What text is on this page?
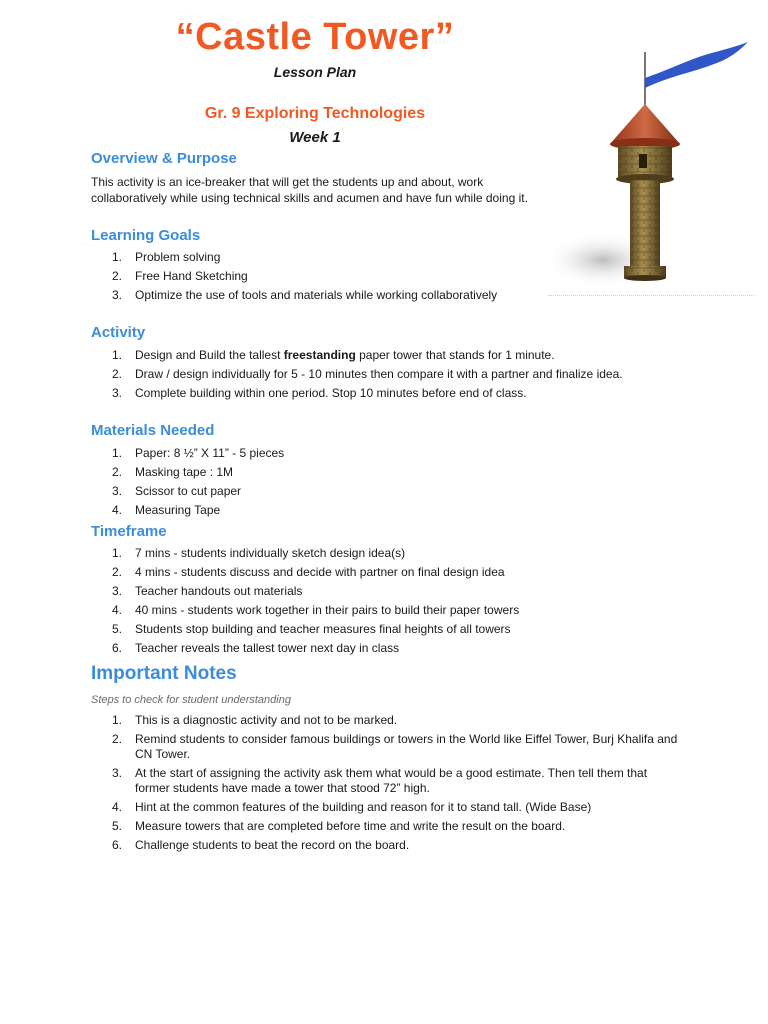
“Castle Tower”
Lesson Plan
Gr. 9 Exploring Technologies
Week 1
Overview & Purpose
This activity is an ice-breaker that will get the students up and about, work collaboratively while using technical skills and acumen and have fun while doing it.
Learning Goals
1. Problem solving
2. Free Hand Sketching
3. Optimize the use of tools and materials while working collaboratively
Activity
1. Design and Build the tallest freestanding paper tower that stands for 1 minute.
2. Draw / design individually for 5 - 10 minutes then compare it with a partner and finalize idea.
3. Complete building within one period. Stop 10 minutes before end of class.
Materials Needed
1. Paper: 8 ½” X 11” - 5 pieces
2. Masking tape : 1M
3. Scissor to cut paper
4. Measuring Tape
Timeframe
1. 7 mins - students individually sketch design idea(s)
2. 4 mins - students discuss and decide with partner on final design idea
3. Teacher handouts out materials
4. 40 mins - students work together in their pairs to build their paper towers
5. Students stop building and teacher measures final heights of all towers
6. Teacher reveals the tallest tower next day in class
Important Notes
Steps to check for student understanding
1. This is a diagnostic activity and not to be marked.
2. Remind students to consider famous buildings or towers in the World like Eiffel Tower, Burj Khalifa and CN Tower.
3. At the start of assigning the activity ask them what would be a good estimate. Then tell them that former students have made a tower that stood 72” high.
4. Hint at the common features of the building and reason for it to stand tall. (Wide Base)
5. Measure towers that are completed before time and write the result on the board.
6. Challenge students to beat the record on the board.
